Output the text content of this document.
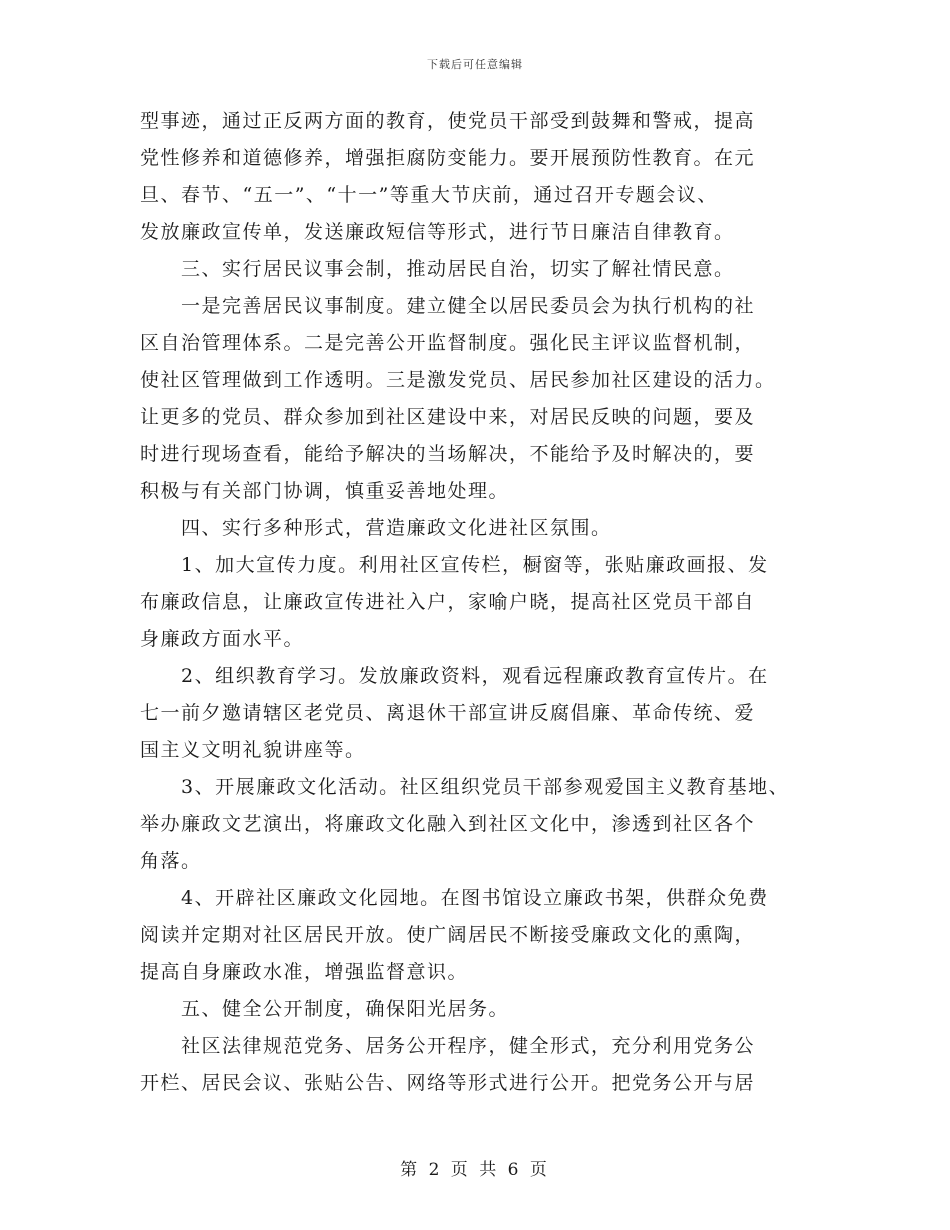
下载后可任意编辑
型事迹，通过正反两方面的教育，使党员干部受到鼓舞和警戒，提高
党性修养和道德修养，增强拒腐防变能力。要开展预防性教育。在元
旦、春节、“五一”、“十一”等重大节庆前，通过召开专题会议、
发放廉政宣传单，发送廉政短信等形式，进行节日廉洁自律教育。
　　三、实行居民议事会制，推动居民自治，切实了解社情民意。
　　一是完善居民议事制度。建立健全以居民委员会为执行机构的社
区自治管理体系。二是完善公开监督制度。强化民主评议监督机制，
使社区管理做到工作透明。三是激发党员、居民参加社区建设的活力。
让更多的党员、群众参加到社区建设中来，对居民反映的问题，要及
时进行现场查看，能给予解决的当场解决，不能给予及时解决的，要
积极与有关部门协调，慎重妥善地处理。
　　四、实行多种形式，营造廉政文化进社区氛围。
　　1、加大宣传力度。利用社区宣传栏，橱窗等，张贴廉政画报、发
布廉政信息，让廉政宣传进社入户，家喻户晓，提高社区党员干部自
身廉政方面水平。
　　2、组织教育学习。发放廉政资料，观看远程廉政教育宣传片。在
七一前夕邀请辖区老党员、离退休干部宣讲反腐倡廉、革命传统、爱
国主义文明礼貌讲座等。
　　3、开展廉政文化活动。社区组织党员干部参观爱国主义教育基地、
举办廉政文艺演出，将廉政文化融入到社区文化中，渗透到社区各个
角落。
　　4、开辟社区廉政文化园地。在图书馆设立廉政书架，供群众免费
阅读并定期对社区居民开放。使广阔居民不断接受廉政文化的熏陶，
提高自身廉政水准，增强监督意识。
　　五、健全公开制度，确保阳光居务。
　　社区法律规范党务、居务公开程序，健全形式，充分利用党务公
开栏、居民会议、张贴公告、网络等形式进行公开。把党务公开与居
第 2 页 共 6 页
